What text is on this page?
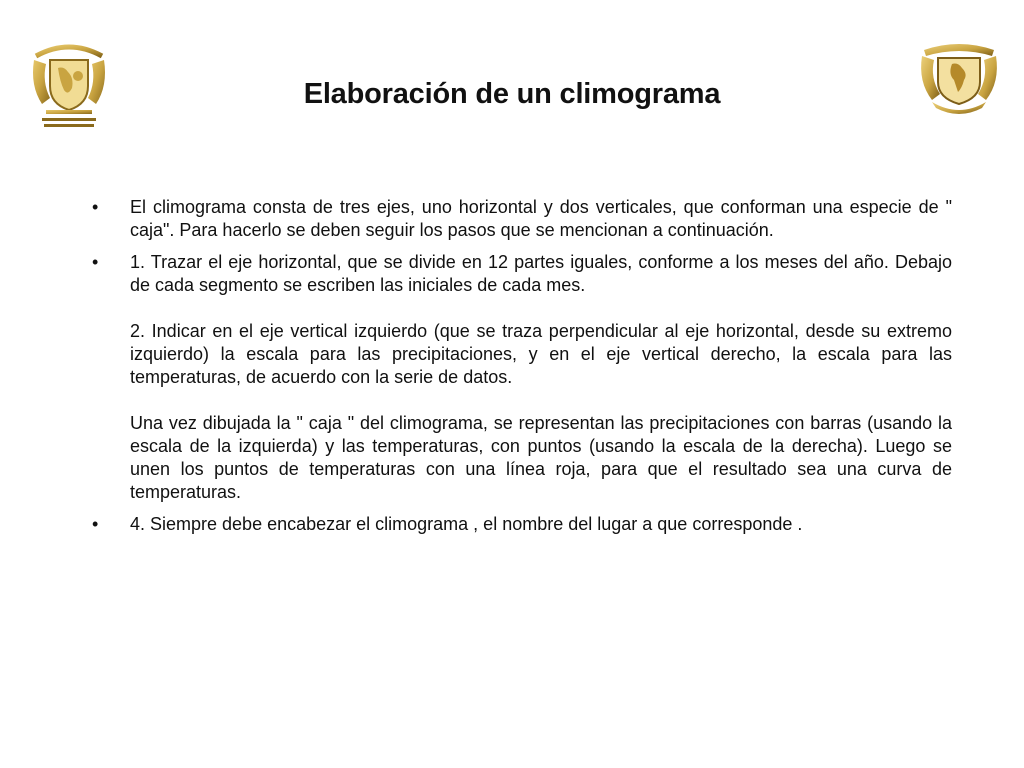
Elaboración de un climograma
• El climograma consta de tres ejes, uno horizontal y dos verticales, que conforman una especie de " caja". Para hacerlo se deben seguir los pasos que se mencionan a continuación.
• 1. Trazar el eje horizontal, que se divide en 12 partes iguales, conforme a los meses del año. Debajo de cada segmento se escriben las iniciales de cada mes.
2. Indicar en el eje vertical izquierdo (que se traza perpendicular al eje horizontal, desde su extremo izquierdo) la escala para las precipitaciones, y en el eje vertical derecho, la escala para las temperaturas, de acuerdo con la serie de datos.
Una vez dibujada la " caja " del climograma, se representan las precipitaciones con barras (usando la escala de la izquierda) y las temperaturas, con puntos (usando la escala de la derecha). Luego se unen los puntos de temperaturas con una línea roja, para que el resultado sea una curva de temperaturas.
• 4. Siempre debe encabezar el climograma , el nombre del lugar a que corresponde .
